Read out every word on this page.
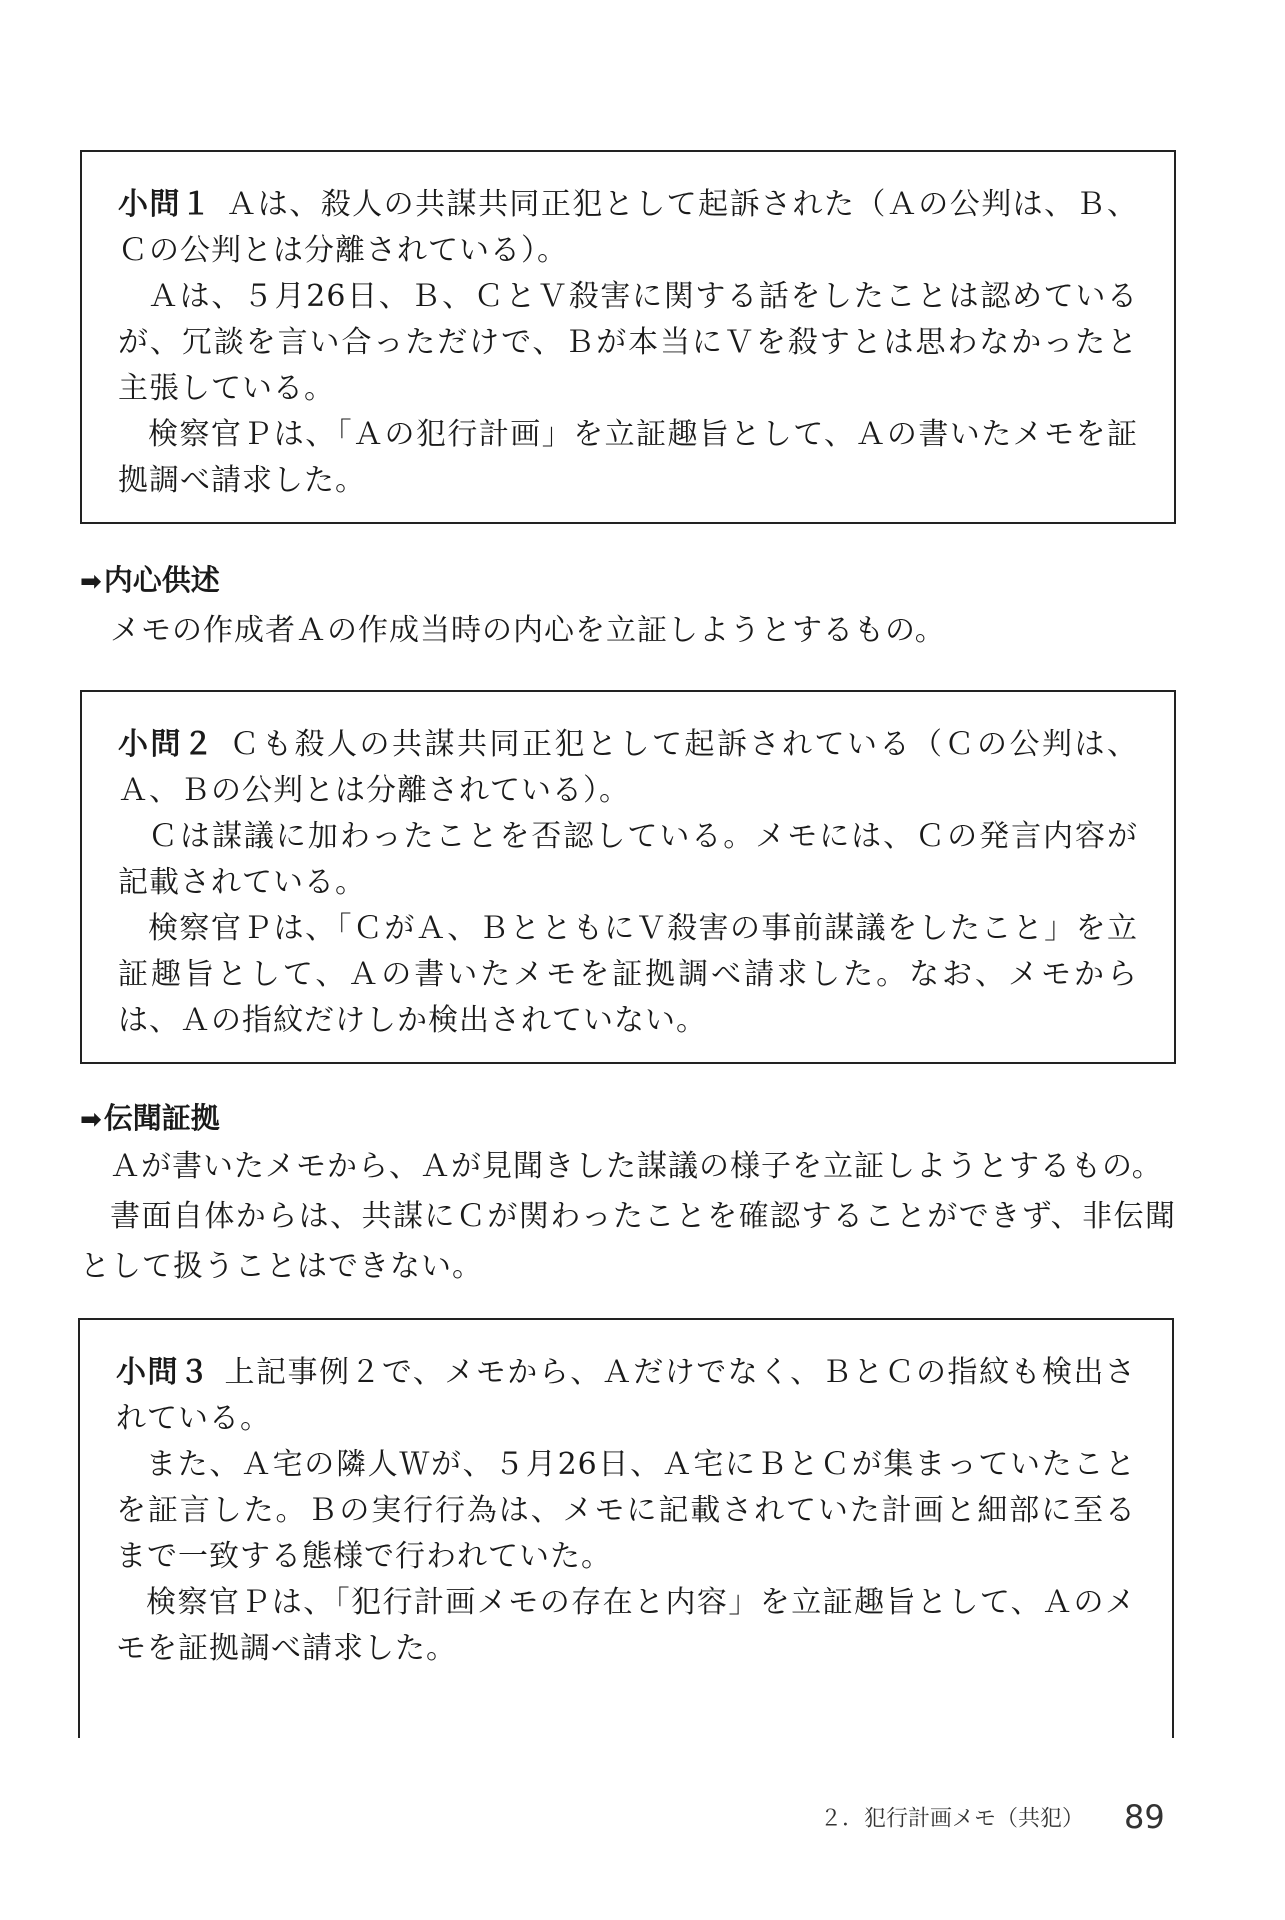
小問１ Ａは、殺人の共謀共同正犯として起訴された（Ａの公判は、Ｂ、Ｃの公判とは分離されている）。

Ａは、５月26日、Ｂ、ＣとＶ殺害に関する話をしたことは認めているが、冗談を言い合っただけで、Ｂが本当にＶを殺すとは思わなかったと主張している。

検察官Ｐは、「Ａの犯行計画」を立証趣旨として、Ａの書いたメモを証拠調べ請求した。

➡内心供述

メモの作成者Ａの作成当時の内心を立証しようとするもの。

小問２ Ｃも殺人の共謀共同正犯として起訴されている（Ｃの公判は、Ａ、Ｂの公判とは分離されている）。

Ｃは謀議に加わったことを否認している。メモには、Ｃの発言内容が記載されている。

検察官Ｐは、「ＣがＡ、ＢとともにＶ殺害の事前謀議をしたこと」を立証趣旨として、Ａの書いたメモを証拠調べ請求した。なお、メモからは、Ａの指紋だけしか検出されていない。

➡伝聞証拠

Ａが書いたメモから、Ａが見聞きした謀議の様子を立証しようとするもの。

書面自体からは、共謀にＣが関わったことを確認することができず、非伝聞として扱うことはできない。

小問３ 上記事例２で、メモから、Ａだけでなく、ＢとＣの指紋も検出されている。

また、Ａ宅の隣人Ｗが、５月26日、Ａ宅にＢとＣが集まっていたことを証言した。Ｂの実行行為は、メモに記載されていた計画と細部に至るまで一致する態様で行われていた。

検察官Ｐは、「犯行計画メモの存在と内容」を立証趣旨として、Ａのメモを証拠調べ請求した。

２．犯行計画メモ（共犯） 89
